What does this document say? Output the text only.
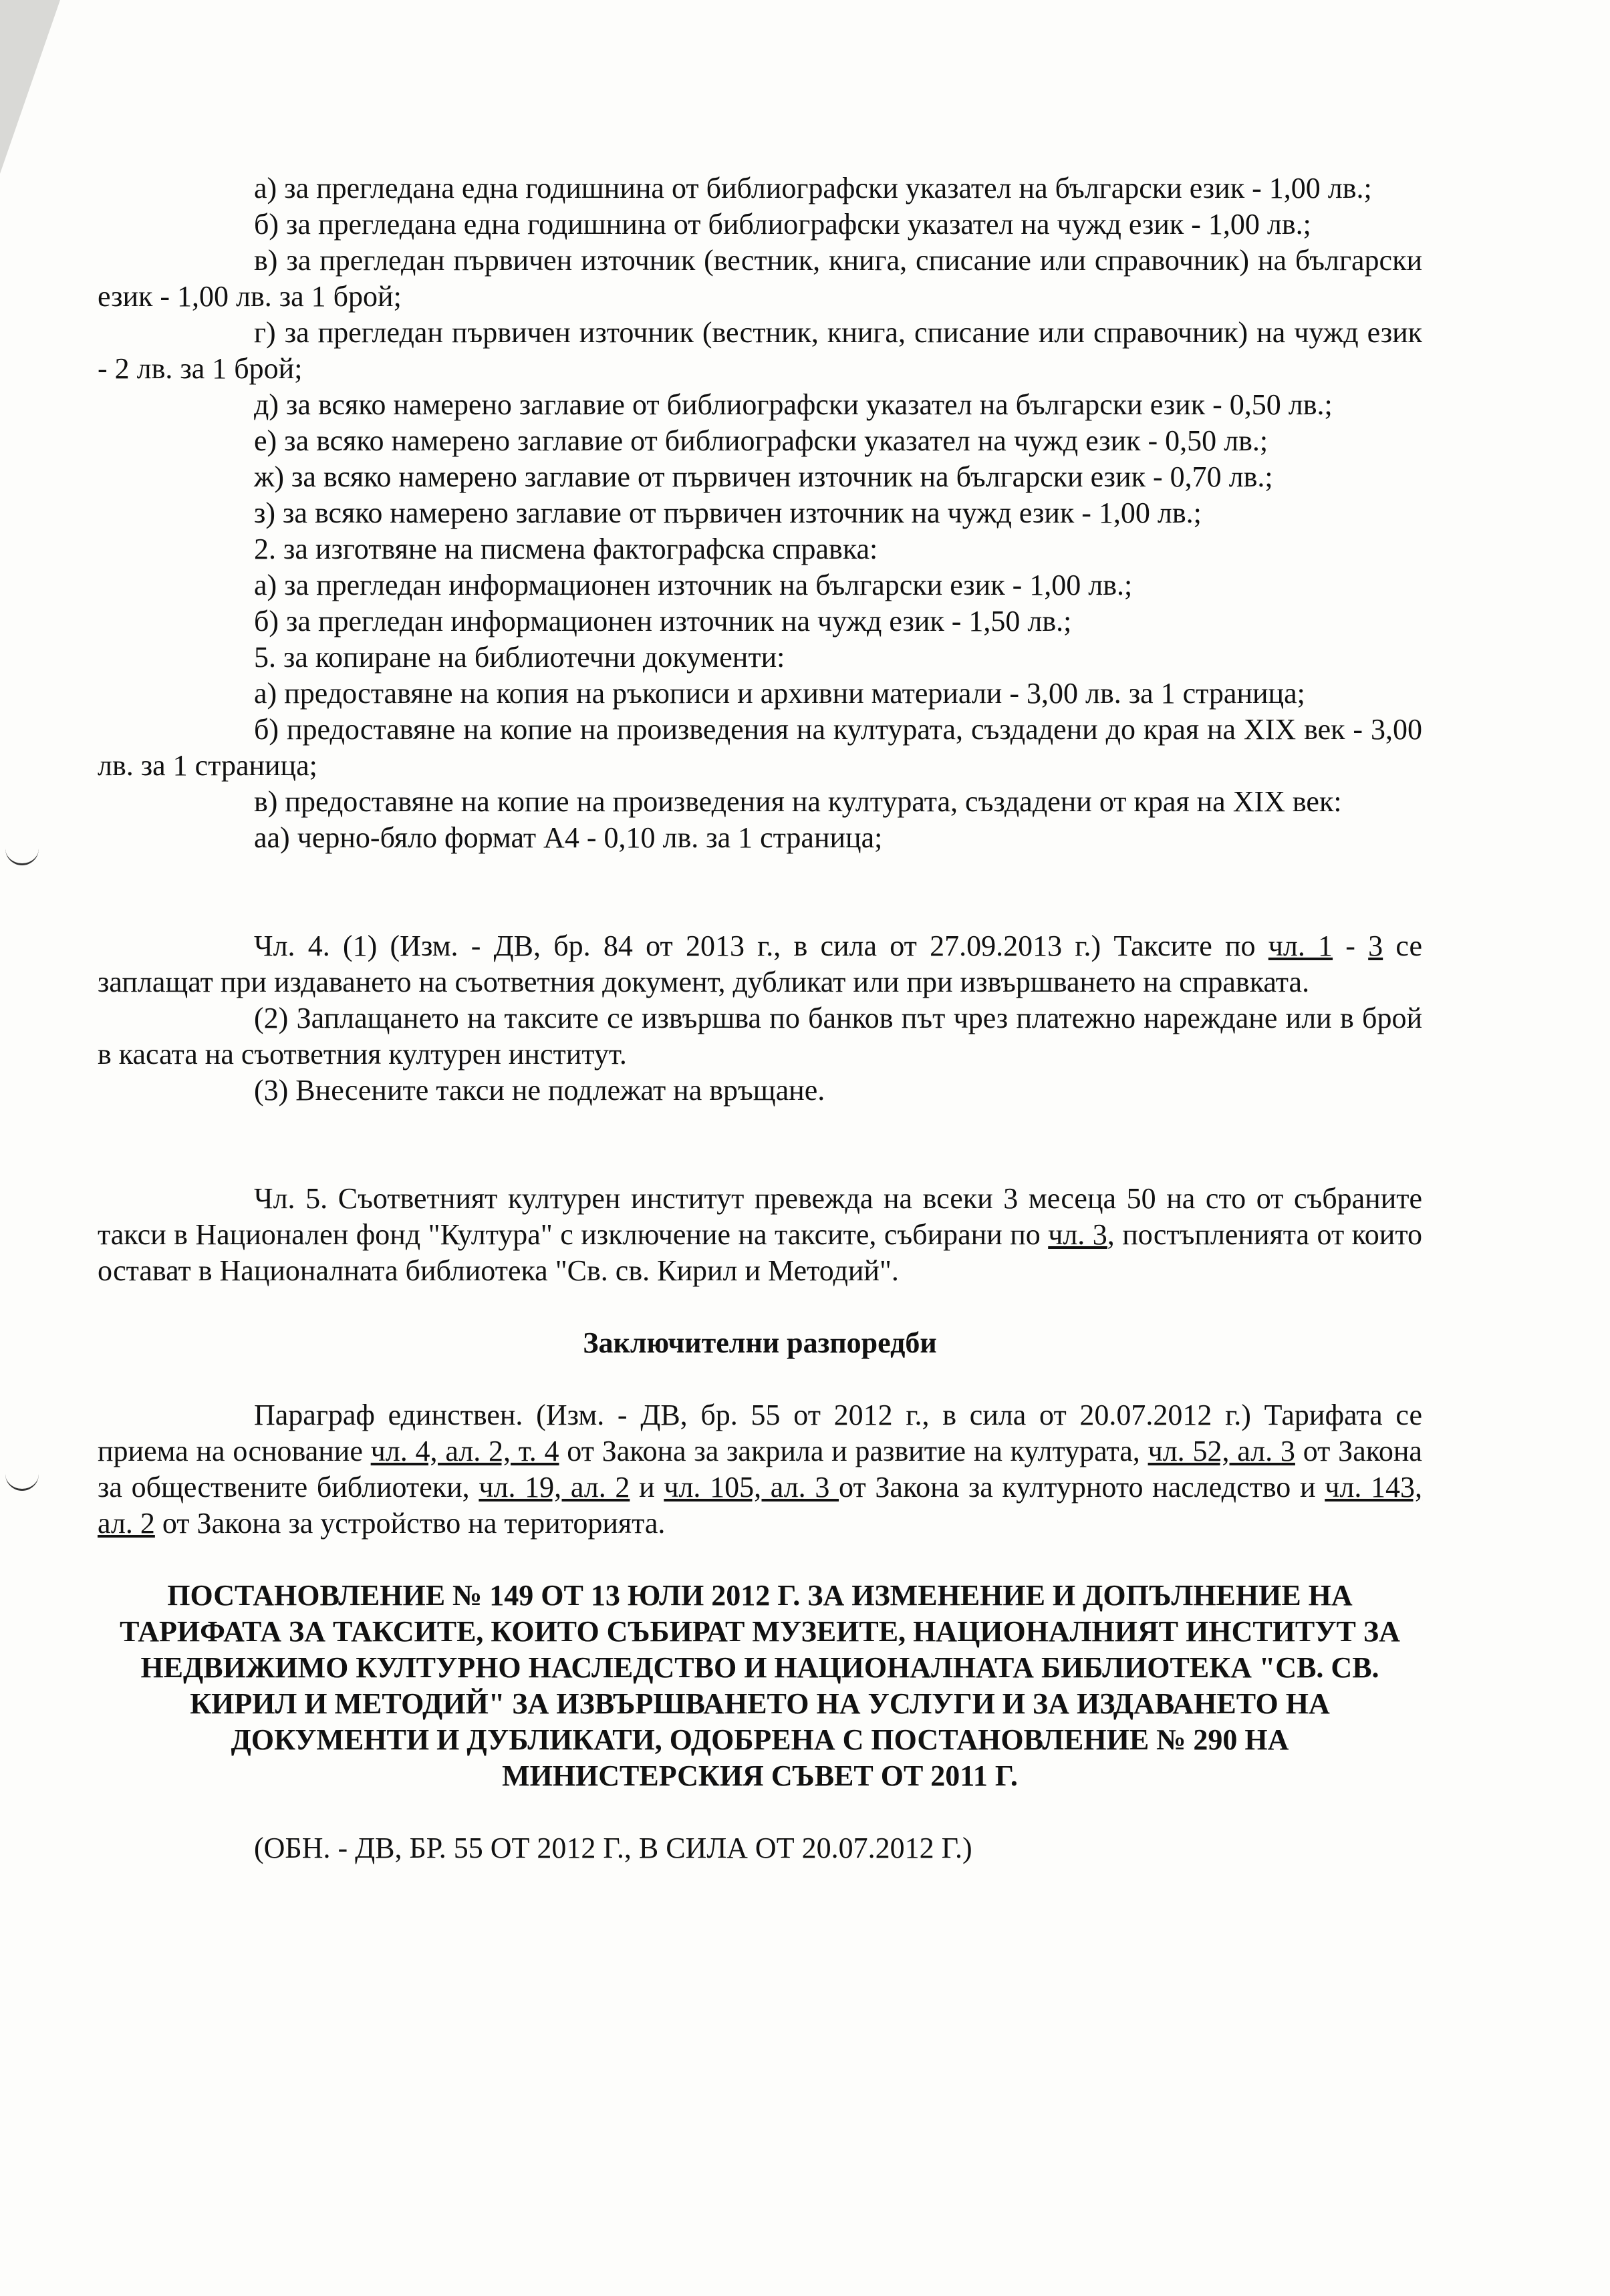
а) за прегледана една годишнина от библиографски указател на български език - 1,00 лв.;

б) за прегледана една годишнина от библиографски указател на чужд език - 1,00 лв.;

в) за прегледан първичен източник (вестник, книга, списание или справочник) на български език - 1,00 лв. за 1 брой;

г) за прегледан първичен източник (вестник, книга, списание или справочник) на чужд език - 2 лв. за 1 брой;

д) за всяко намерено заглавие от библиографски указател на български език - 0,50 лв.;

е) за всяко намерено заглавие от библиографски указател на чужд език - 0,50 лв.;

ж) за всяко намерено заглавие от първичен източник на български език - 0,70 лв.;

з) за всяко намерено заглавие от първичен източник на чужд език - 1,00 лв.;

2. за изготвяне на писмена фактографска справка:

а) за прегледан информационен източник на български език - 1,00 лв.;

б) за прегледан информационен източник на чужд език - 1,50 лв.;

5. за копиране на библиотечни документи:

а) предоставяне на копия на ръкописи и архивни материали - 3,00 лв. за 1 страница;

б) предоставяне на копие на произведения на културата, създадени до края на XIX век - 3,00 лв. за 1 страница;

в) предоставяне на копие на произведения на културата, създадени от края на XIX век:

аа) черно-бяло формат А4 - 0,10 лв. за 1 страница;

Чл. 4. (1) (Изм. - ДВ, бр. 84 от 2013 г., в сила от 27.09.2013 г.) Таксите по чл. 1 - 3 се заплащат при издаването на съответния документ, дубликат или при извършването на справката.

(2) Заплащането на таксите се извършва по банков път чрез платежно нареждане или в брой в касата на съответния културен институт.

(3) Внесените такси не подлежат на връщане.

Чл. 5. Съответният културен институт превежда на всеки 3 месеца 50 на сто от събраните такси в Национален фонд "Култура" с изключение на таксите, събирани по чл. 3, постъпленията от които остават в Националната библиотека "Св. св. Кирил и Методий".

Заключителни разпоредби

Параграф единствен. (Изм. - ДВ, бр. 55 от 2012 г., в сила от 20.07.2012 г.) Тарифата се приема на основание чл. 4, ал. 2, т. 4 от Закона за закрила и развитие на културата, чл. 52, ал. 3 от Закона за обществените библиотеки, чл. 19, ал. 2 и чл. 105, ал. 3 от Закона за културното наследство и чл. 143, ал. 2 от Закона за устройство на територията.

ПОСТАНОВЛЕНИЕ № 149 ОТ 13 ЮЛИ 2012 Г. ЗА ИЗМЕНЕНИЕ И ДОПЪЛНЕНИЕ НА ТАРИФАТА ЗА ТАКСИТЕ, КОИТО СЪБИРАТ МУЗЕИТЕ, НАЦИОНАЛНИЯТ ИНСТИТУТ ЗА НЕДВИЖИМО КУЛТУРНО НАСЛЕДСТВО И НАЦИОНАЛНАТА БИБЛИОТЕКА "СВ. СВ. КИРИЛ И МЕТОДИЙ" ЗА ИЗВЪРШВАНЕТО НА УСЛУГИ И ЗА ИЗДАВАНЕТО НА ДОКУМЕНТИ И ДУБЛИКАТИ, ОДОБРЕНА С ПОСТАНОВЛЕНИЕ № 290 НА МИНИСТЕРСКИЯ СЪВЕТ ОТ 2011 Г.

(ОБН. - ДВ, БР. 55 ОТ 2012 Г., В СИЛА ОТ 20.07.2012 Г.)
